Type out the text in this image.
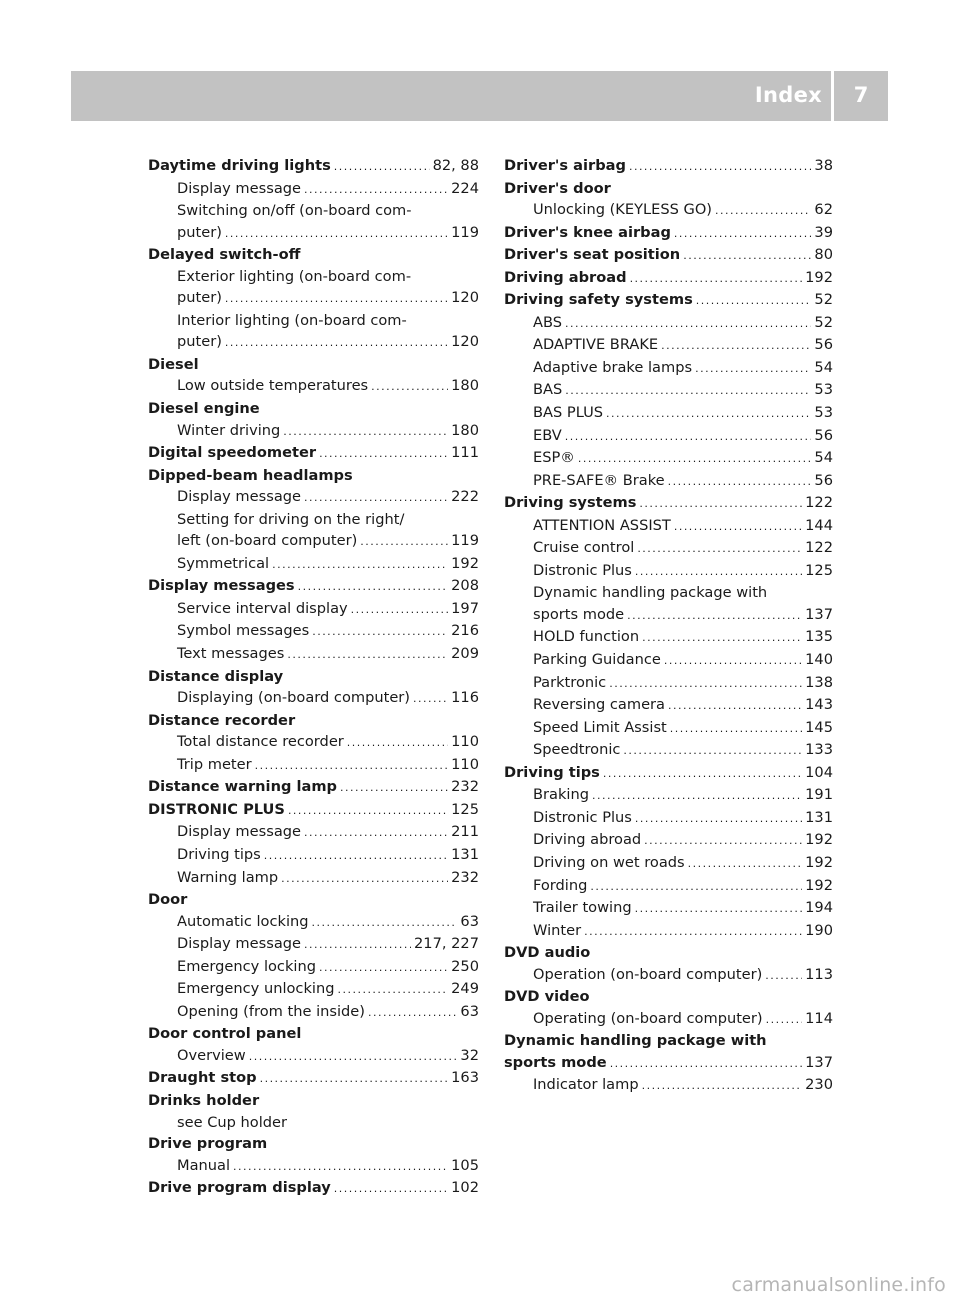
Index	7
Daytime driving lights . . .	82, 88
Display message . . .	224
Switching on/off (on-board com-
puter) . . .	119
Delayed switch-off
Exterior lighting (on-board com-
puter) . . .	120
Interior lighting (on-board com-
puter) . . .	120
Diesel
Low outside temperatures . . .	180
Diesel engine
Winter driving . . .	180
Digital speedometer . . .	111
Dipped-beam headlamps
Display message . . .	222
Setting for driving on the right/
left (on-board computer) . . .	119
Symmetrical . . .	192
Display messages . . .	208
Service interval display . . .	197
Symbol messages . . .	216
Text messages . . .	209
Distance display
Displaying (on-board computer) . . .	116
Distance recorder
Total distance recorder . . .	110
Trip meter . . .	110
Distance warning lamp . . .	232
DISTRONIC PLUS . . .	125
Display message . . .	211
Driving tips . . .	131
Warning lamp . . .	232
Door
Automatic locking . . .	63
Display message . . .	217, 227
Emergency locking . . .	250
Emergency unlocking . . .	249
Opening (from the inside) . . .	63
Door control panel
Overview . . .	32
Draught stop . . .	163
Drinks holder
see Cup holder
Drive program
Manual . . .	105
Drive program display . . .	102
Driver's airbag . . .	38
Driver's door
Unlocking (KEYLESS GO) . . .	62
Driver's knee airbag . . .	39
Driver's seat position . . .	80
Driving abroad . . .	192
Driving safety systems . . .	52
ABS . . .	52
ADAPTIVE BRAKE . . .	56
Adaptive brake lamps . . .	54
BAS . . .	53
BAS PLUS . . .	53
EBV . . .	56
ESP® . . .	54
PRE-SAFE® Brake . . .	56
Driving systems . . .	122
ATTENTION ASSIST . . .	144
Cruise control . . .	122
Distronic Plus . . .	125
Dynamic handling package with
sports mode . . .	137
HOLD function . . .	135
Parking Guidance . . .	140
Parktronic . . .	138
Reversing camera . . .	143
Speed Limit Assist . . .	145
Speedtronic . . .	133
Driving tips . . .	104
Braking . . .	191
Distronic Plus . . .	131
Driving abroad . . .	192
Driving on wet roads . . .	192
Fording . . .	192
Trailer towing . . .	194
Winter . . .	190
DVD audio
Operation (on-board computer) . . .	113
DVD video
Operating (on-board computer) . . .	114
Dynamic handling package with
sports mode . . .	137
Indicator lamp . . .	230
carmanualsonline.info
